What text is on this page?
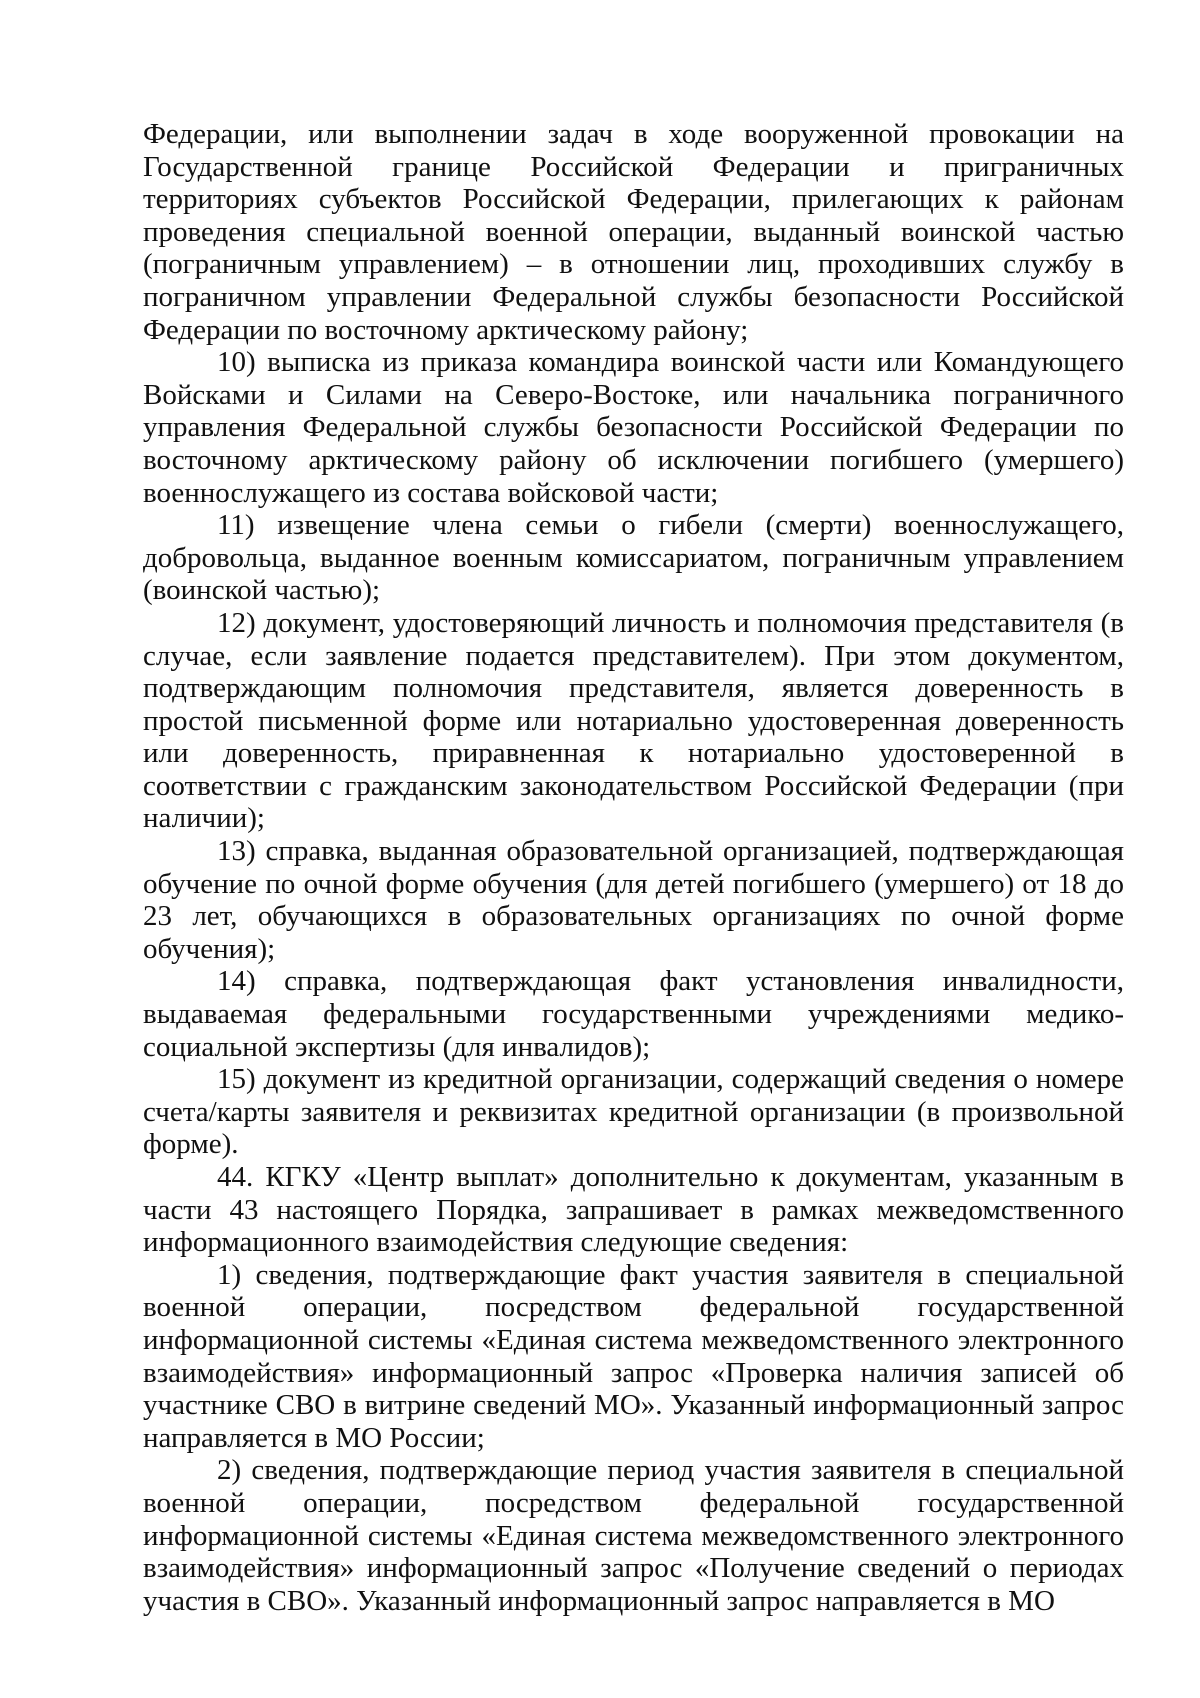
Федерации, или выполнении задач в ходе вооруженной провокации на Государственной границе Российской Федерации и приграничных территориях субъектов Российской Федерации, прилегающих к районам проведения специальной военной операции, выданный воинской частью (пограничным управлением) – в отношении лиц, проходивших службу в пограничном управлении Федеральной службы безопасности Российской Федерации по восточному арктическому району;

10) выписка из приказа командира воинской части или Командующего Войсками и Силами на Северо-Востоке, или начальника пограничного управления Федеральной службы безопасности Российской Федерации по восточному арктическому району об исключении погибшего (умершего) военнослужащего из состава войсковой части;

11) извещение члена семьи о гибели (смерти) военнослужащего, добровольца, выданное военным комиссариатом, пограничным управлением (воинской частью);

12) документ, удостоверяющий личность и полномочия представителя (в случае, если заявление подается представителем). При этом документом, подтверждающим полномочия представителя, является доверенность в простой письменной форме или нотариально удостоверенная доверенность или доверенность, приравненная к нотариально удостоверенной в соответствии с гражданским законодательством Российской Федерации (при наличии);

13) справка, выданная образовательной организацией, подтверждающая обучение по очной форме обучения (для детей погибшего (умершего) от 18 до 23 лет, обучающихся в образовательных организациях по очной форме обучения);

14) справка, подтверждающая факт установления инвалидности, выдаваемая федеральными государственными учреждениями медико-социальной экспертизы (для инвалидов);

15) документ из кредитной организации, содержащий сведения о номере счета/карты заявителя и реквизитах кредитной организации (в произвольной форме).

44. КГКУ «Центр выплат» дополнительно к документам, указанным в части 43 настоящего Порядка, запрашивает в рамках межведомственного информационного взаимодействия следующие сведения:

1) сведения, подтверждающие факт участия заявителя в специальной военной операции, посредством федеральной государственной информационной системы «Единая система межведомственного электронного взаимодействия» информационный запрос «Проверка наличия записей об участнике СВО в витрине сведений МО». Указанный информационный запрос направляется в МО России;

2) сведения, подтверждающие период участия заявителя в специальной военной операции, посредством федеральной государственной информационной системы «Единая система межведомственного электронного взаимодействия» информационный запрос «Получение сведений о периодах участия в СВО». Указанный информационный запрос направляется в МО
